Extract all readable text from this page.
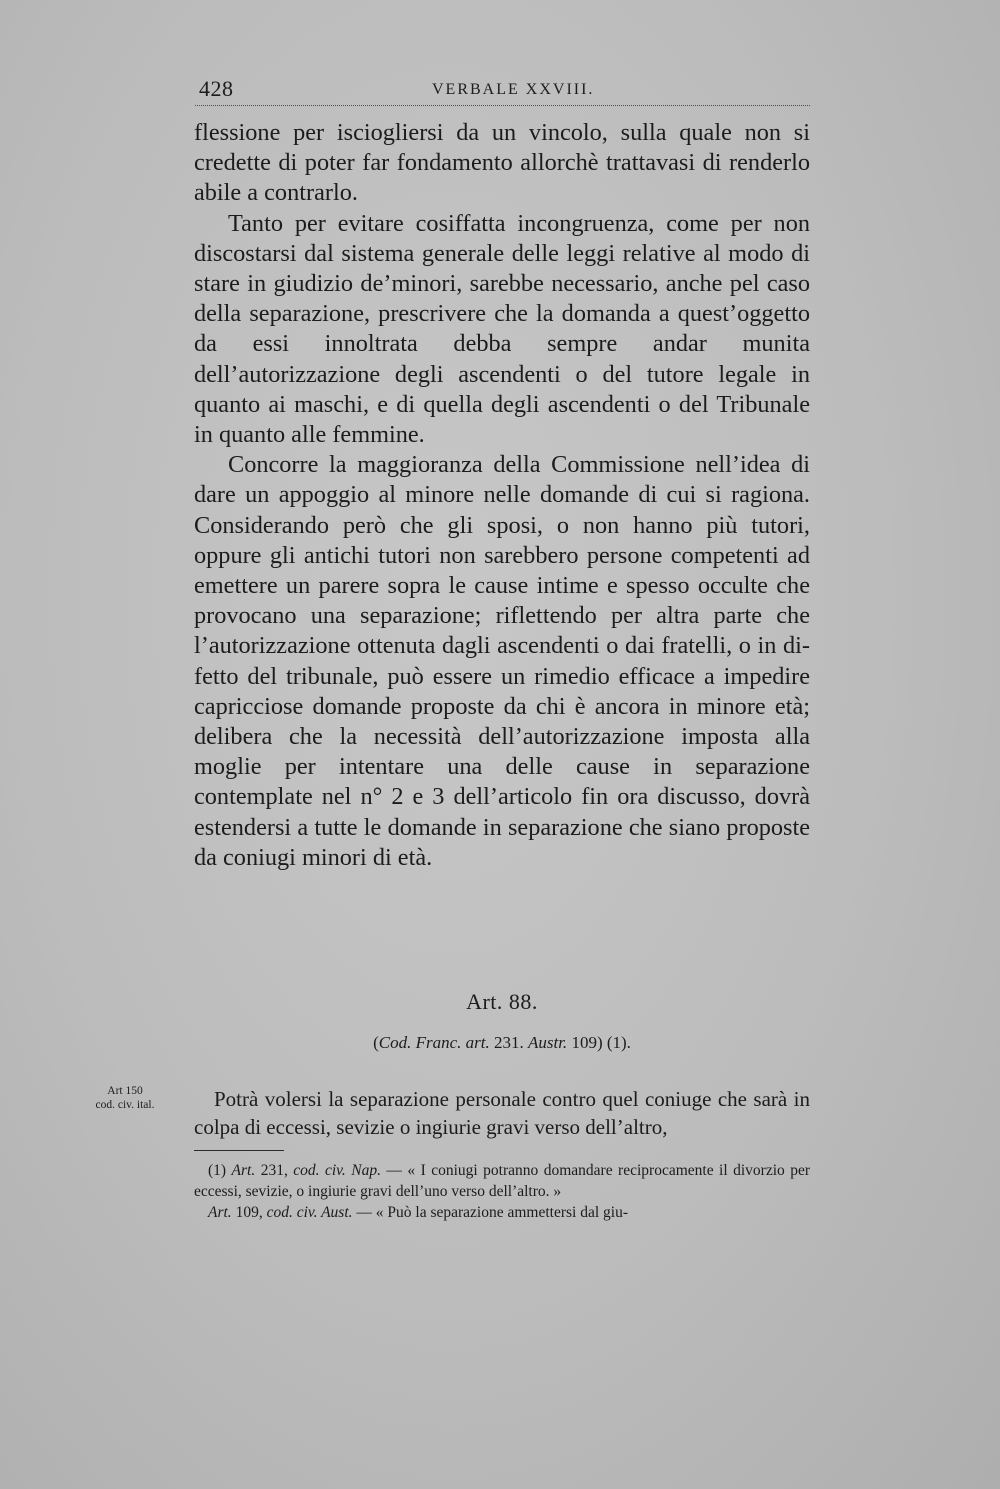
428	VERBALE XXVIII.

flessione per isciogliersi da un vincolo, sulla quale non si credette di poter far fondamento allorchè trattavasi di renderlo abile a contrarlo.

Tanto per evitare cosiffatta incongruenza, come per non discostarsi dal sistema generale delle leggi relative al modo di stare in giudizio de’minori, sarebbe necessario, anche pel caso della separazione, prescrivere che la domanda a quest’oggetto da essi innoltrata debba sempre andar munita dell’autorizzazione degli ascendenti o del tutore legale in quanto ai maschi, e di quella degli ascendenti o del Tribunale in quanto alle femmine.

Concorre la maggioranza della Commissione nell’idea di dare un appoggio al minore nelle domande di cui si ragiona. Considerando però che gli sposi, o non hanno più tutori, oppure gli antichi tutori non sarebbero persone competenti ad emettere un parere sopra le cause intime e spesso occulte che provocano una separazione; riflettendo per altra parte che l’autorizzazione ottenuta dagli ascendenti o dai fratelli, o in difetto del tribunale, può essere un rimedio efficace a impedire capricciose domande proposte da chi è ancora in minore età; delibera che la necessità dell’autorizzazione imposta alla moglie per intentare una delle cause in separazione contemplate nel n° 2 e 3 dell’articolo fin ora discusso, dovrà estendersi a tutte le domande in separazione che siano proposte da coniugi minori di età.

Art. 88.
(Cod. Franc. art. 231. Austr. 109) (1).
Art 150
cod. civ. ital.	Potrà volersi la separazione personale contro quel coniuge che sarà in colpa di eccessi, sevizie o ingiurie gravi verso dell’altro,

(1) Art. 231, cod. civ. Nap. — « I coniugi potranno domandare reciprocamente il divorzio per eccessi, sevizie, o ingiurie gravi dell’uno verso dell’altro. »

Art. 109, cod. civ. Aust. — « Può la separazione ammettersi dal giu-
